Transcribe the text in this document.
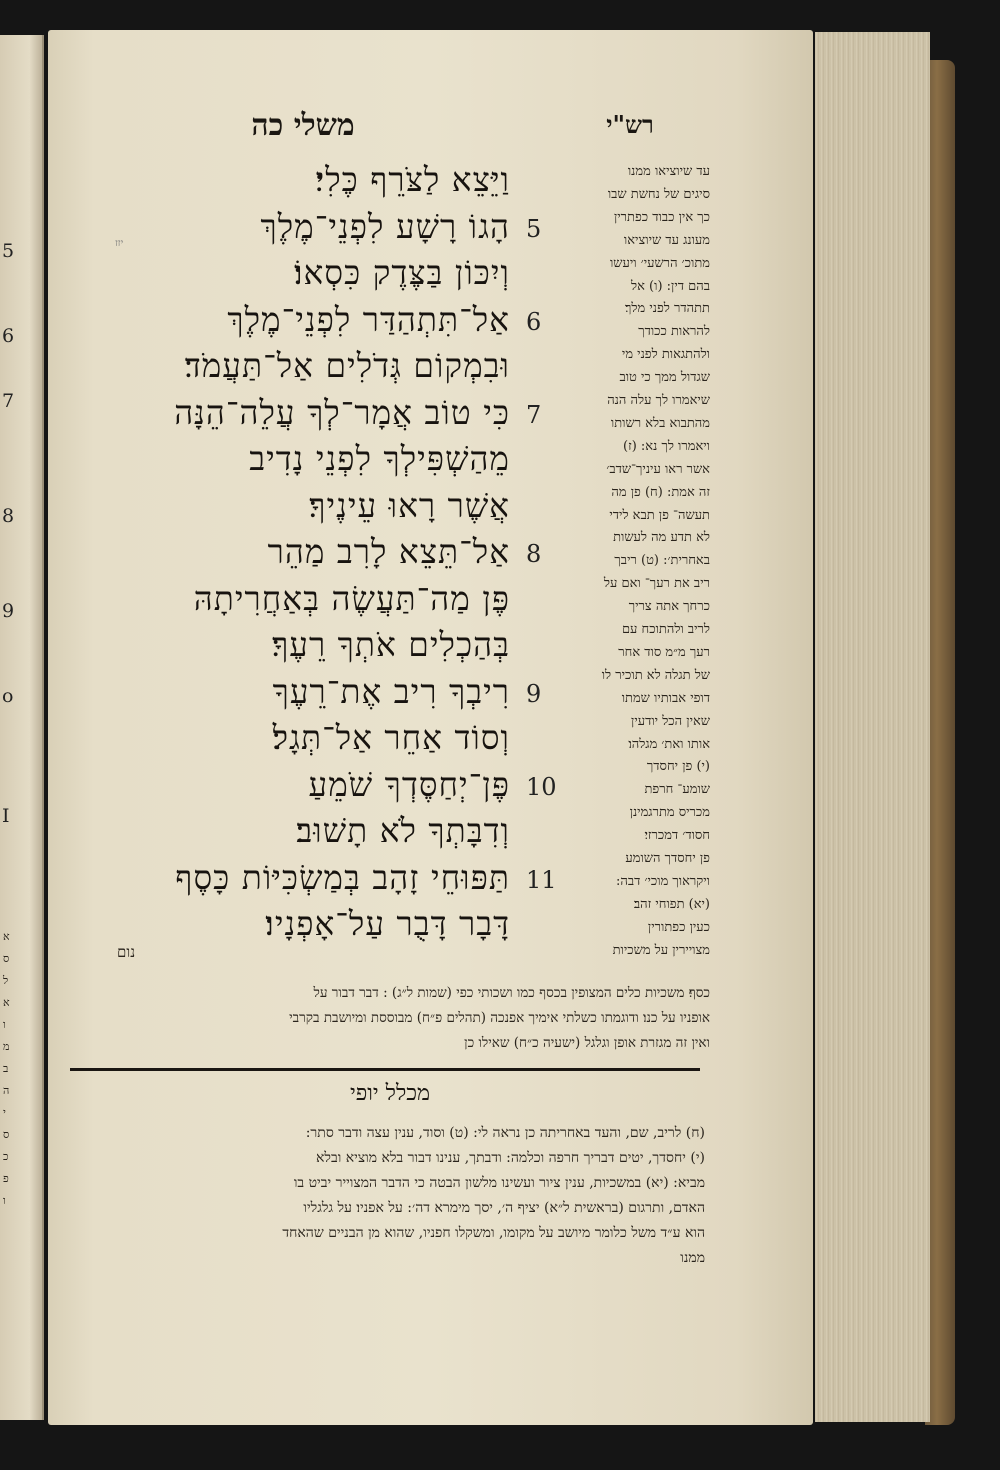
5
6
7
8
9
o
I
א
ס
ל
א
ו
מ
ב
ה
י
ס
כ
פ
ו
משלי כה	רש"י
יזז
וַיֵּצֵא לַצֹּרֵף כֶּלִי׃
הָגוֹ רָשָׁע לִפְנֵי־מֶלֶךְ 5
וְיִכּוֹן בַּצֶּדֶק כִּסְאוֹ׃
אַל־תִּתְהַדַּר לִפְנֵי־מֶלֶךְ 6
וּבִמְקוֹם גְּדֹלִים אַל־תַּעֲמֹד׃
כִּי טוֹב אֲמָר־לְךָ עֲלֵה־הֵנָּה 7
מֵהַשְׁפִּילְךָ לִפְנֵי נָדִיב
אֲשֶׁר רָאוּ עֵינֶיךָ׃
אַל־תֵּצֵא לָרִב מַהֵר 8
פֶּן מַה־תַּעֲשֶׂה בְּאַחֲרִיתָהּ
בְּהַכְלִים אֹתְךָ רֵעֶךָ׃
רִיבְךָ רִיב אֶת־רֵעֶךָ 9
וְסוֹד אַחֵר אַל־תְּגָל׃
פֶּן־יְחַסֶּדְךָ שֹׁמֵעַ 10
וְדִבָּתְךָ לֹא תָשׁוּב׃
תַּפּוּחֵי זָהָב בְּמַשְׂכִּיּוֹת כָּסֶף 11
דָּבָר דָּבֻר עַל־אָפְנָיו׃
עד שיוציאו ממנו
סיגים של נחשת שבו
כך אין כבוד כפתרין
מעונג עד שיוציאו
מתוכ׳ הרשעי׳ ויעשו
בהם דין: (ו) אל
תתהדר לפני מלך׃
להראות ככודך
ולהתגאות לפני מי
שגדול ממך כי טוב
שיאמרו לך עלה הנה
מהתבוא בלא רשותו
ויאמרו לך נא: (ז)
אשר ראו עיניך־שדב׳
זה אמת: (ח) פן מה
תעשה־ פן תבא לידי
לא תדע מה לעשות
באחרית׳: (ט) ריבך
ריב את רעך־ ואם על
כרחך אתה צריך
לריב ולהתוכח עם
רעך מ״מ סוד אחר
של תגלה לא תוכיר לו
דופי אבותיו שמתו
שאין הכל יודעין
אותו ואת׳ מגלהו׃
(י) פן יחסדך
שומע־ חרפת
מכריס מתרגמינן
חסוד׳ דמכרזי׃
פן יחסדך השומע
ויקראוך מוכי׳ דבה:
(יא) תפוחי זהב׃
כעין כפתורין
מצויירין על משכיות
נום
כסף׃ משכיות כלים המצופין בכסף כמו ושכותי כפי (שמות ל״ג) : דבר דבור על
אופניו על כנו׃ ודוגמתו כשלתי אימיך אפנכה (תהלים פ״ח) מבוססת ומיושבת בקרבי
ואין זה מגזרת אופן וגלגל (ישעיה כ״ח) שאילו כן
מכלל יופי
(ח) לריב, שם, והעד באחריתה כן נראה לי: (ט) וסוד, ענין עצה ודבר סתר:
(י) יחסדך, יטים דבריך חרפה וכלמה: ודבתך, ענינו דבור בלא מוציא ובלא
מביא: (יא) במשכיות, ענין ציור ועשינו מלשון הבטה כי הדבר המצוייר יביט בו
האדם, ותרגום (בראשית ל״א) יציף ה׳, יסך מימרא דה׳: על אפניו׃ על גלגליו
הוא ע״ד משל כלומר מיושב על מקומו, ומשקלו חפניו, שהוא מן הבניים שהאחד
ממנו
